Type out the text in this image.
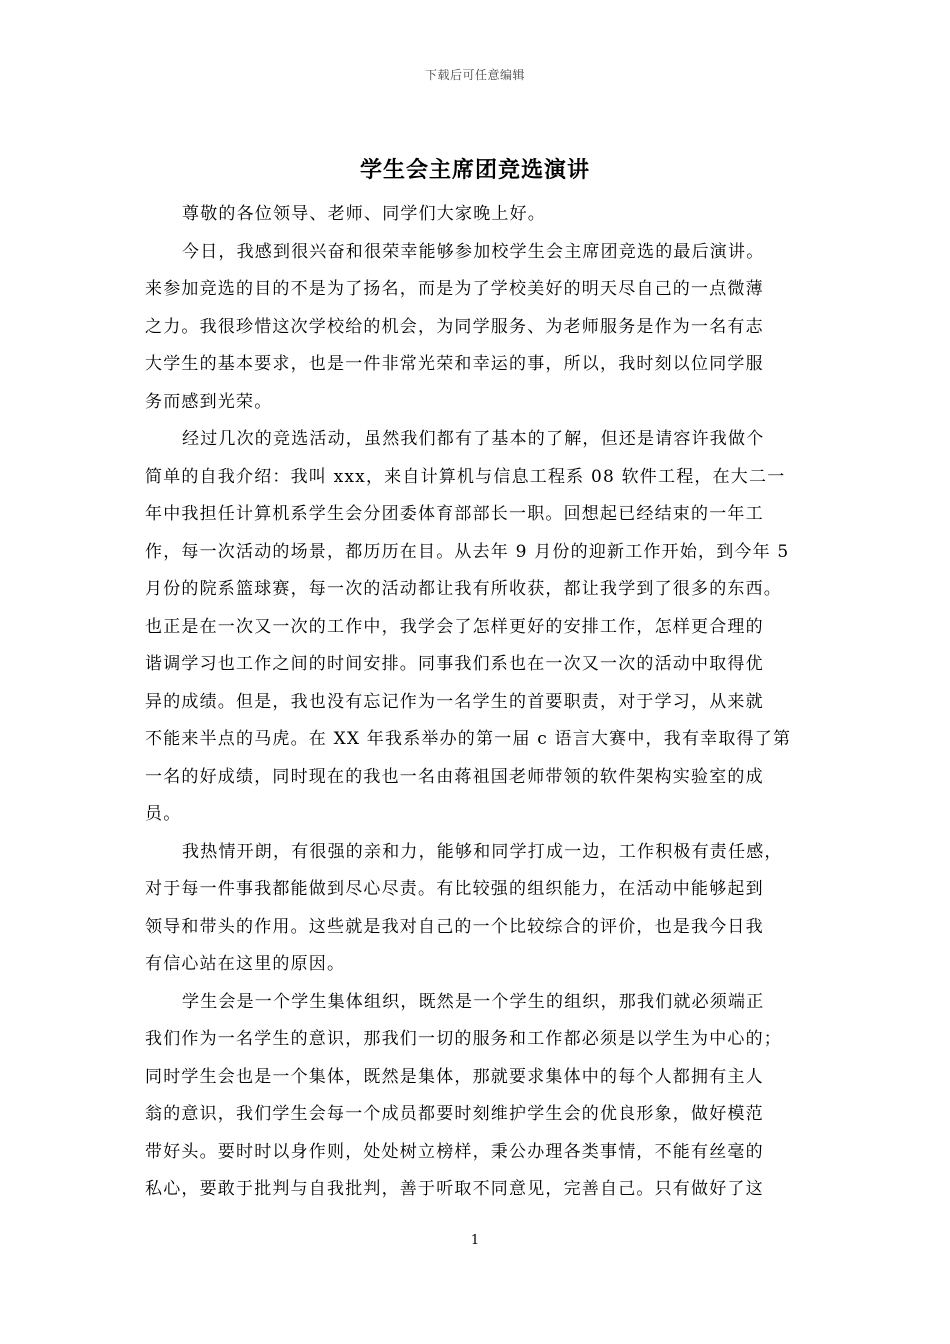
下载后可任意编辑
学生会主席团竞选演讲
尊敬的各位领导、老师、同学们大家晚上好。
今日，我感到很兴奋和很荣幸能够参加校学生会主席团竞选的最后演讲。
来参加竞选的目的不是为了扬名，而是为了学校美好的明天尽自己的一点微薄
之力。我很珍惜这次学校给的机会，为同学服务、为老师服务是作为一名有志
大学生的基本要求，也是一件非常光荣和幸运的事，所以，我时刻以位同学服
务而感到光荣。
经过几次的竞选活动，虽然我们都有了基本的了解，但还是请容许我做个
简单的自我介绍：我叫 xxx，来自计算机与信息工程系 08 软件工程，在大二一
年中我担任计算机系学生会分团委体育部部长一职。回想起已经结束的一年工
作，每一次活动的场景，都历历在目。从去年 9 月份的迎新工作开始，到今年 5
月份的院系篮球赛，每一次的活动都让我有所收获，都让我学到了很多的东西。
也正是在一次又一次的工作中，我学会了怎样更好的安排工作，怎样更合理的
谐调学习也工作之间的时间安排。同事我们系也在一次又一次的活动中取得优
异的成绩。但是，我也没有忘记作为一名学生的首要职责，对于学习，从来就
不能来半点的马虎。在 XX 年我系举办的第一届 c 语言大赛中，我有幸取得了第
一名的好成绩，同时现在的我也一名由蒋祖国老师带领的软件架构实验室的成
员。
我热情开朗，有很强的亲和力，能够和同学打成一边，工作积极有责任感，
对于每一件事我都能做到尽心尽责。有比较强的组织能力，在活动中能够起到
领导和带头的作用。这些就是我对自己的一个比较综合的评价，也是我今日我
有信心站在这里的原因。
学生会是一个学生集体组织，既然是一个学生的组织，那我们就必须端正
我们作为一名学生的意识，那我们一切的服务和工作都必须是以学生为中心的；
同时学生会也是一个集体，既然是集体，那就要求集体中的每个人都拥有主人
翁的意识，我们学生会每一个成员都要时刻维护学生会的优良形象，做好模范
带好头。要时时以身作则，处处树立榜样，秉公办理各类事情，不能有丝毫的
私心，要敢于批判与自我批判，善于听取不同意见，完善自己。只有做好了这
1
